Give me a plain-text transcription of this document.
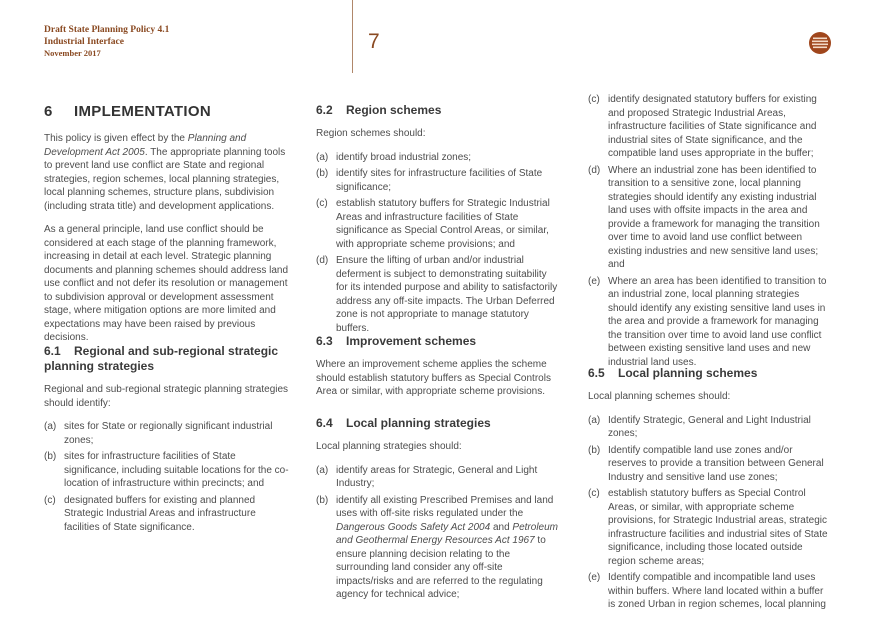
Draft State Planning Policy 4.1
Industrial Interface
November 2017	7
6 IMPLEMENTATION

This policy is given effect by the Planning and Development Act 2005. The appropriate planning tools to prevent land use conflict are State and regional strategies, region schemes, local planning strategies, local planning schemes, structure plans, subdivision (including strata title) and development applications.

As a general principle, land use conflict should be considered at each stage of the planning framework, increasing in detail at each level. Strategic planning documents and planning schemes should address land use conflict and not defer its resolution or management to subdivision approval or development assessment stage, where mitigation options are more limited and expectations may have been raised by previous decisions.

6.1 Regional and sub-regional strategic planning strategies

Regional and sub-regional strategic planning strategies should identify:

(a) sites for State or regionally significant industrial zones;
(b) sites for infrastructure facilities of State significance, including suitable locations for the co- location of infrastructure within precincts; and
(c) designated buffers for existing and planned Strategic Industrial Areas and infrastructure facilities of State significance.
6.2 Region schemes

Region schemes should:

(a) identify broad industrial zones;
(b) identify sites for infrastructure facilities of State significance;
(c) establish statutory buffers for Strategic Industrial Areas and infrastructure facilities of State significance as Special Control Areas, or similar, with appropriate scheme provisions; and
(d) Ensure the lifting of urban and/or industrial deferment is subject to demonstrating suitability for its intended purpose and ability to satisfactorily address any off-site impacts. The Urban Deferred zone is not appropriate to manage statutory buffers.
6.3 Improvement schemes

Where an improvement scheme applies the scheme should establish statutory buffers as Special Controls Area or similar, with appropriate scheme provisions.

6.4 Local planning strategies

Local planning strategies should:

(a) identify areas for Strategic, General and Light Industry;
(b) identify all existing Prescribed Premises and land uses with off-site risks regulated under the Dangerous Goods Safety Act 2004 and Petroleum and Geothermal Energy Resources Act 1967 to ensure planning decision relating to the surrounding land consider any off-site impacts/risks and are referred to the regulating agency for technical advice;
(c) identify designated statutory buffers for existing and proposed Strategic Industrial Areas, infrastructure facilities of State significance and industrial sites of State significance, and the compatible land uses appropriate in the buffer;
(d) Where an industrial zone has been identified to transition to a sensitive zone, local planning strategies should identify any existing industrial land uses with offsite impacts in the area and provide a framework for managing the transition over time to avoid land use conflict between existing industries and new sensitive land uses; and
(e) Where an area has been identified to transition to an industrial zone, local planning strategies should identify any existing sensitive land uses in the area and provide a framework for managing the transition over time to avoid land use conflict between existing sensitive land uses and new industrial land uses.
6.5 Local planning schemes

Local planning schemes should:

(a) Identify Strategic, General and Light Industrial zones;
(b) Identify compatible land use zones and/or reserves to provide a transition between General Industry and sensitive land use zones;
(c) establish statutory buffers as Special Control Areas, or similar, with appropriate scheme provisions, for Strategic Industrial areas, strategic infrastructure facilities and industrial sites of State significance, including those located outside region scheme areas;
(e) Identify compatible and incompatible land uses within buffers. Where land located within a buffer is zoned Urban in region schemes, local planning
